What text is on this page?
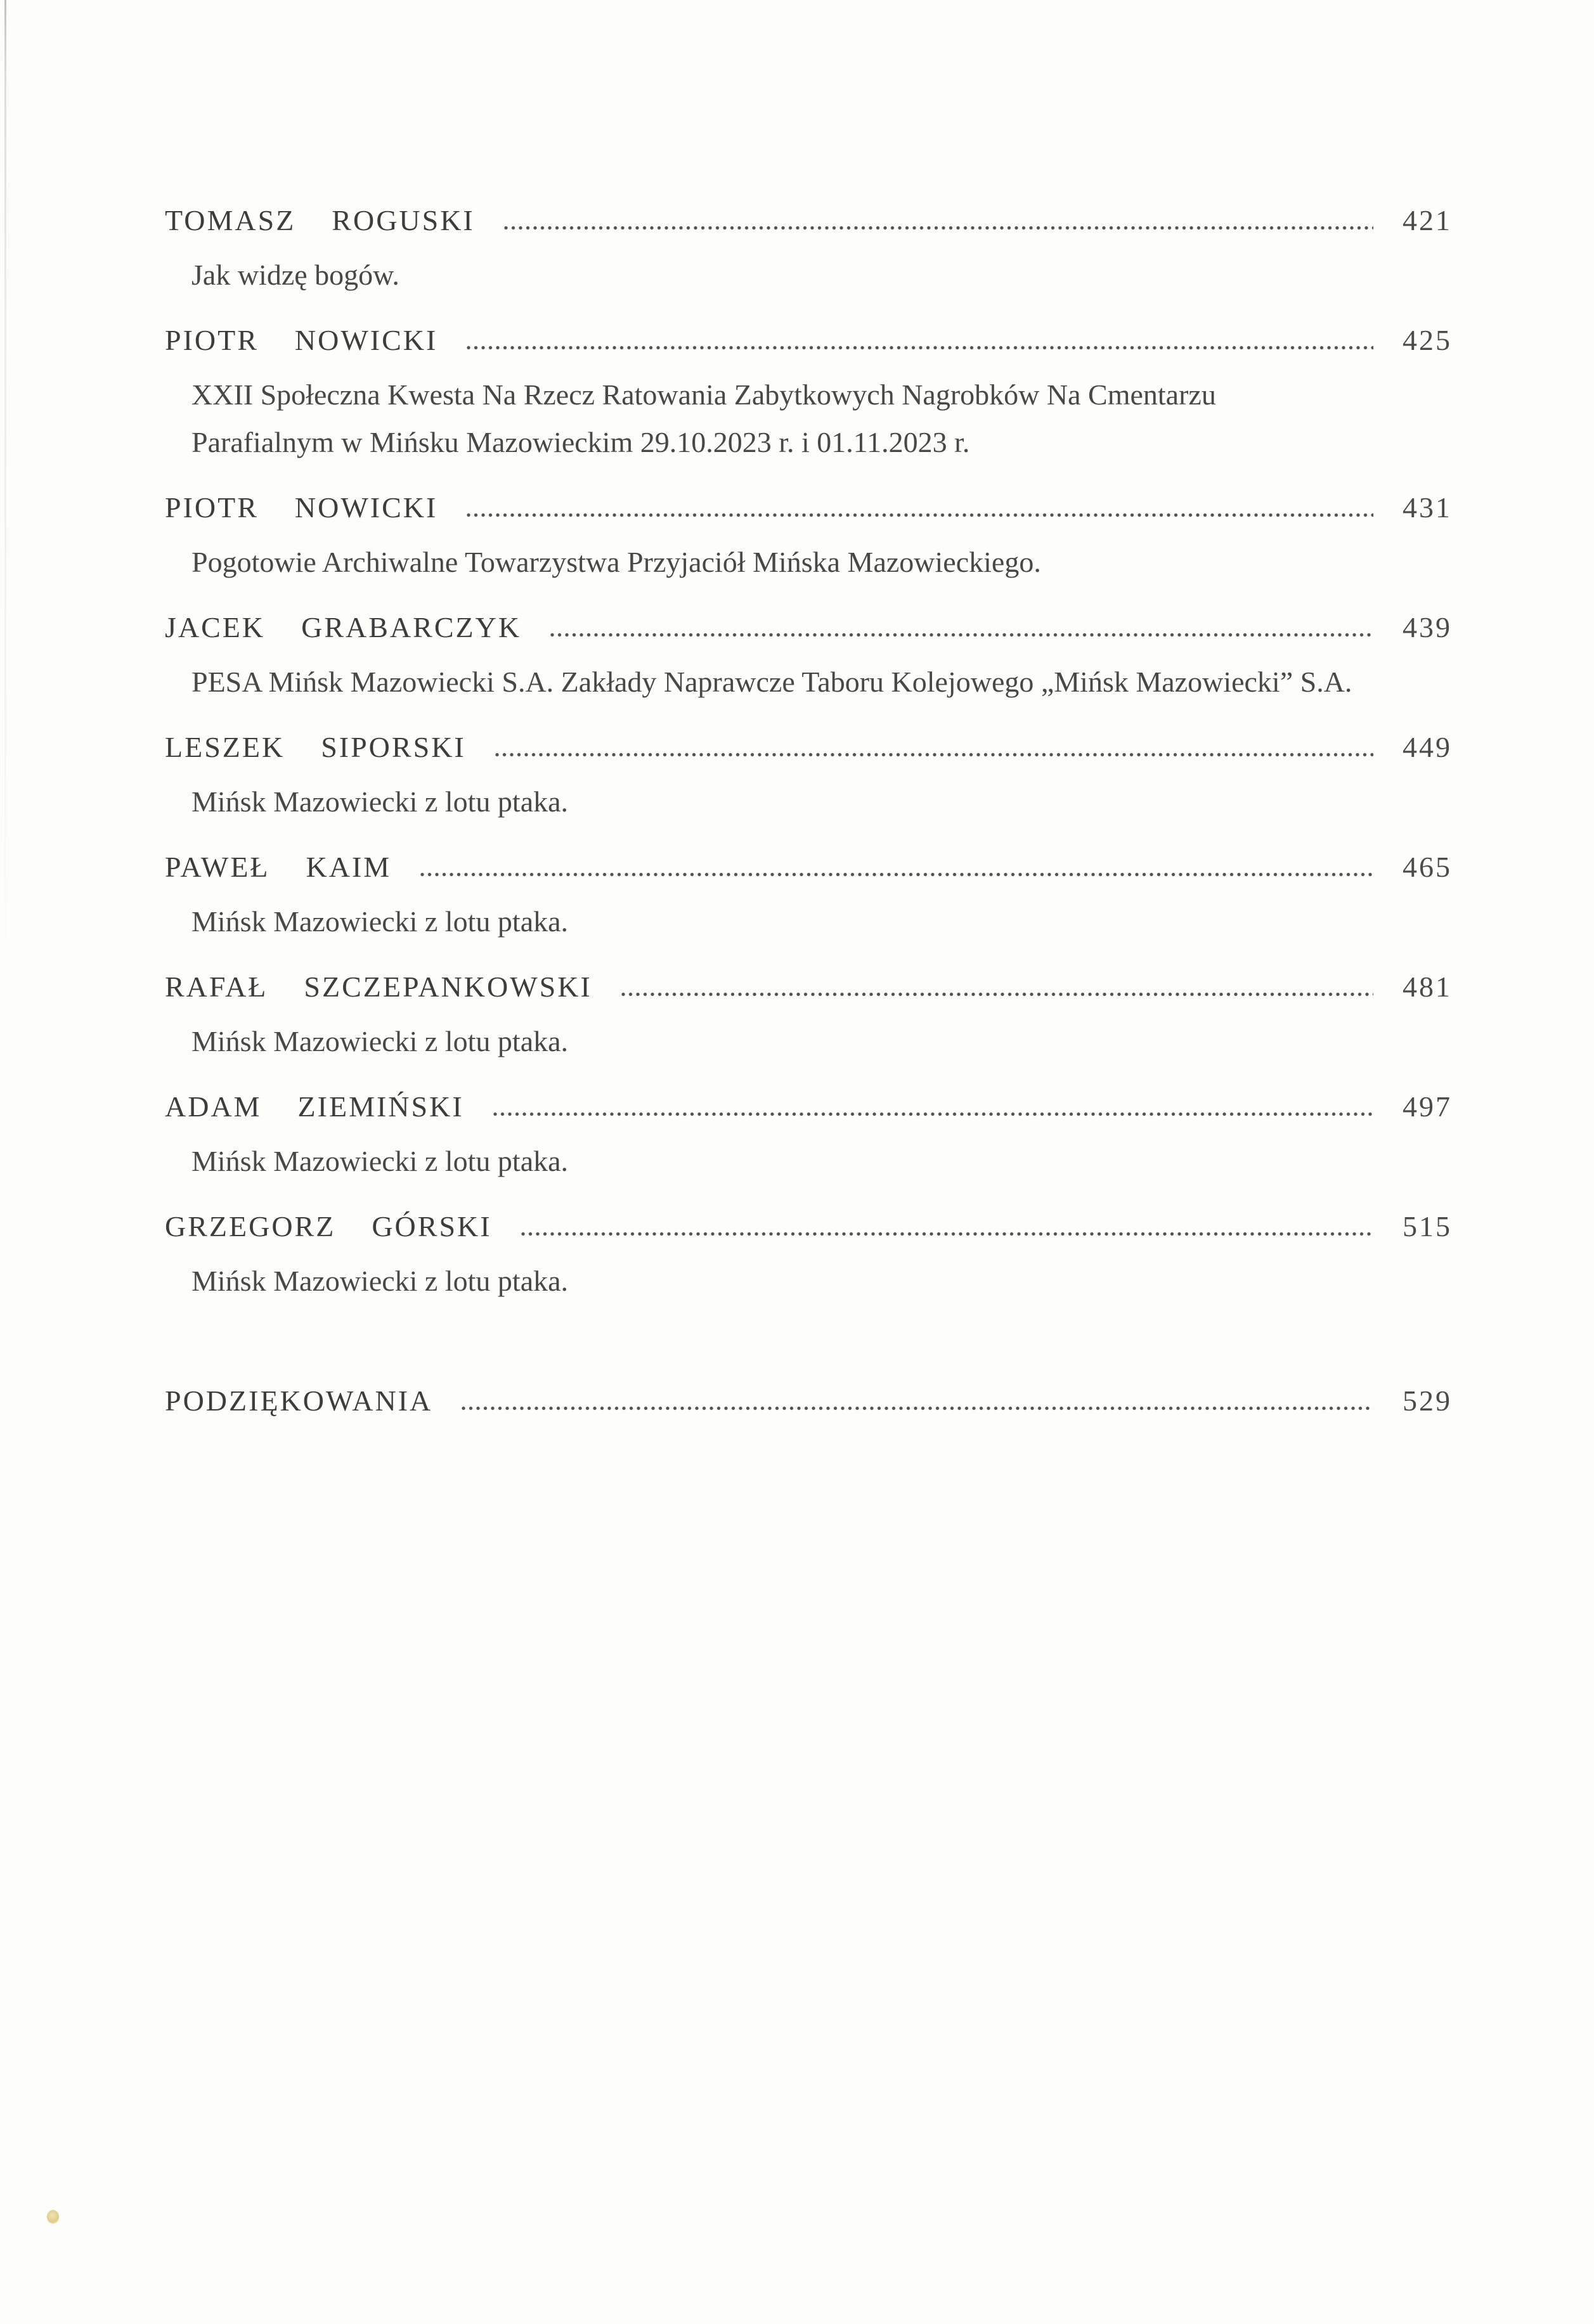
TOMASZ  ROGUSKI	421
Jak widzę bogów.
PIOTR  NOWICKI	425
XXII Społeczna Kwesta Na Rzecz Ratowania Zabytkowych Nagrobków Na Cmentarzu
Parafialnym w Mińsku Mazowieckim 29.10.2023 r. i 01.11.2023 r.
PIOTR  NOWICKI	431
Pogotowie Archiwalne Towarzystwa Przyjaciół Mińska Mazowieckiego.
JACEK  GRABARCZYK	439
PESA Mińsk Mazowiecki S.A. Zakłady Naprawcze Taboru Kolejowego „Mińsk Mazowiecki” S.A.
LESZEK  SIPORSKI	449
Mińsk Mazowiecki z lotu ptaka.
PAWEŁ  KAIM	465
Mińsk Mazowiecki z lotu ptaka.
RAFAŁ  SZCZEPANKOWSKI	481
Mińsk Mazowiecki z lotu ptaka.
ADAM  ZIEMIŃSKI	497
Mińsk Mazowiecki z lotu ptaka.
GRZEGORZ  GÓRSKI	515
Mińsk Mazowiecki z lotu ptaka.
PODZIĘKOWANIA	529
